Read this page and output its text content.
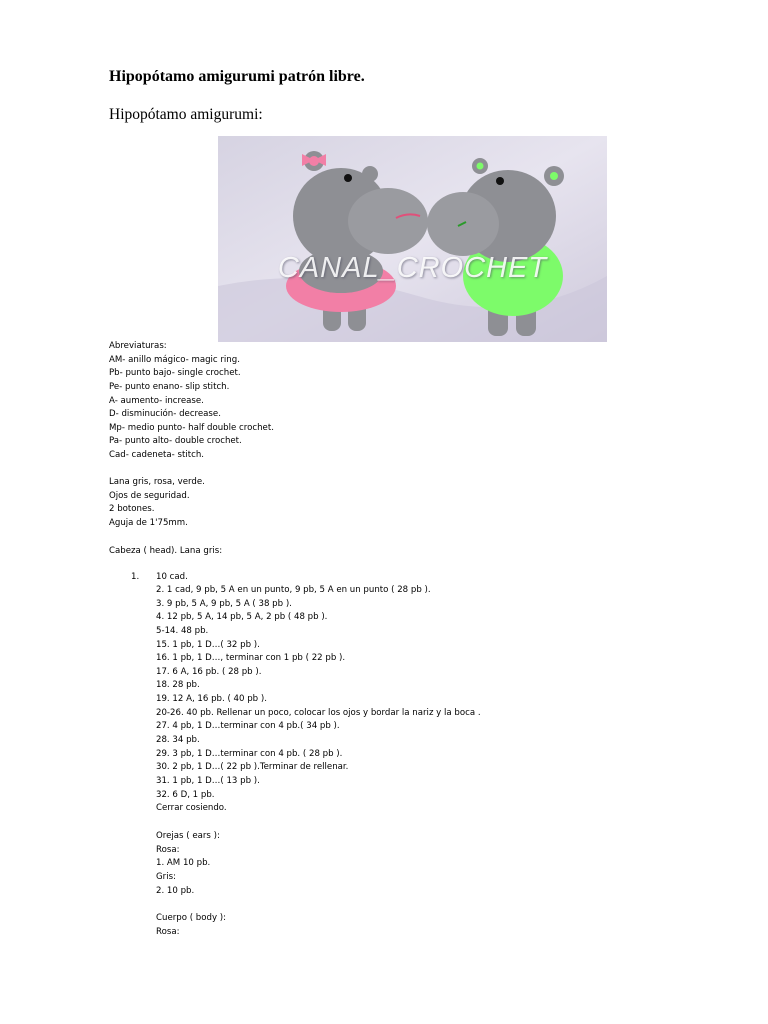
Hipopótamo amigurumi patrón libre.
Hipopótamo amigurumi:
CANAL_CROCHET
Abreviaturas:
AM- anillo mágico- magic ring.
Pb- punto bajo- single crochet.
Pe- punto enano- slip stitch.
A- aumento- increase.
D- disminución- decrease.
Mp- medio punto- half double crochet.
Pa- punto alto- double crochet.
Cad- cadeneta- stitch.
Lana gris, rosa, verde.
Ojos de seguridad.
2 botones.
Aguja de 1'75mm.
Cabeza ( head). Lana gris:
1. 10 cad.
2. 1 cad, 9 pb, 5 A en un punto, 9 pb, 5 A en un punto ( 28 pb ).
3. 9 pb, 5 A, 9 pb, 5 A ( 38 pb ).
4. 12 pb, 5 A, 14 pb, 5 A, 2 pb ( 48 pb ).
5-14. 48 pb.
15. 1 pb, 1 D…( 32 pb ).
16. 1 pb, 1 D…, terminar con 1 pb ( 22 pb ).
17. 6 A, 16 pb. ( 28 pb ).
18. 28 pb.
19. 12 A, 16 pb. ( 40 pb ).
20-26. 40 pb. Rellenar un poco, colocar los ojos y bordar la nariz y la boca .
27. 4 pb, 1 D…terminar con 4 pb.( 34 pb ).
28. 34 pb.
29. 3 pb, 1 D…terminar con 4 pb. ( 28 pb ).
30. 2 pb, 1 D…( 22 pb ).Terminar de rellenar.
31. 1 pb, 1 D…( 13 pb ).
32. 6 D, 1 pb.
Cerrar cosiendo.
Orejas ( ears ):
Rosa:
1. AM 10 pb.
Gris:
2. 10 pb.
Cuerpo ( body ):
Rosa:
